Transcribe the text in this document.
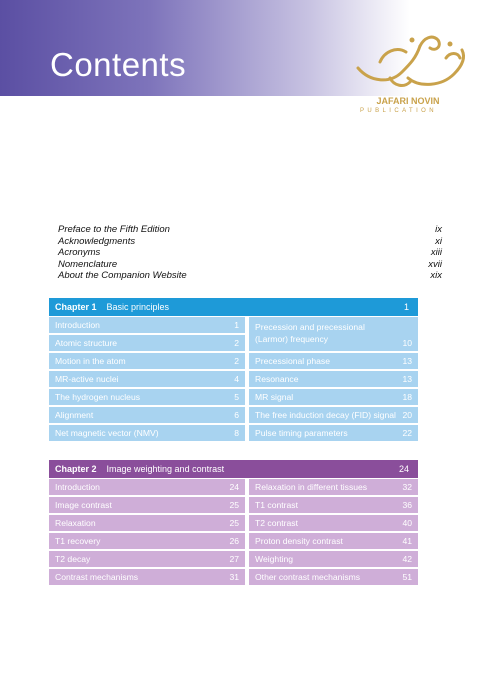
Contents
JAFARI NOVIN
PUBLICATION
Preface to the Fifth Edition	ix
Acknowledgments	xi
Acronyms	xiii
Nomenclature	xvii
About the Companion Website	xix
Chapter 1 Basic principles	1
Introduction	1
Atomic structure	2
Motion in the atom	2
MR-active nuclei	4
The hydrogen nucleus	5
Alignment	6
Net magnetic vector (NMV)	8
Precession and precessional
(Larmor) frequency	10
Precessional phase	13
Resonance	13
MR signal	18
The free induction decay (FID) signal 20
Pulse timing parameters	22
Chapter 2 Image weighting and contrast	24
Introduction	24
Image contrast	25
Relaxation	25
T1 recovery	26
T2 decay	27
Contrast mechanisms	31
Relaxation in different tissues	32
T1 contrast	36
T2 contrast	40
Proton density contrast	41
Weighting	42
Other contrast mechanisms	51
